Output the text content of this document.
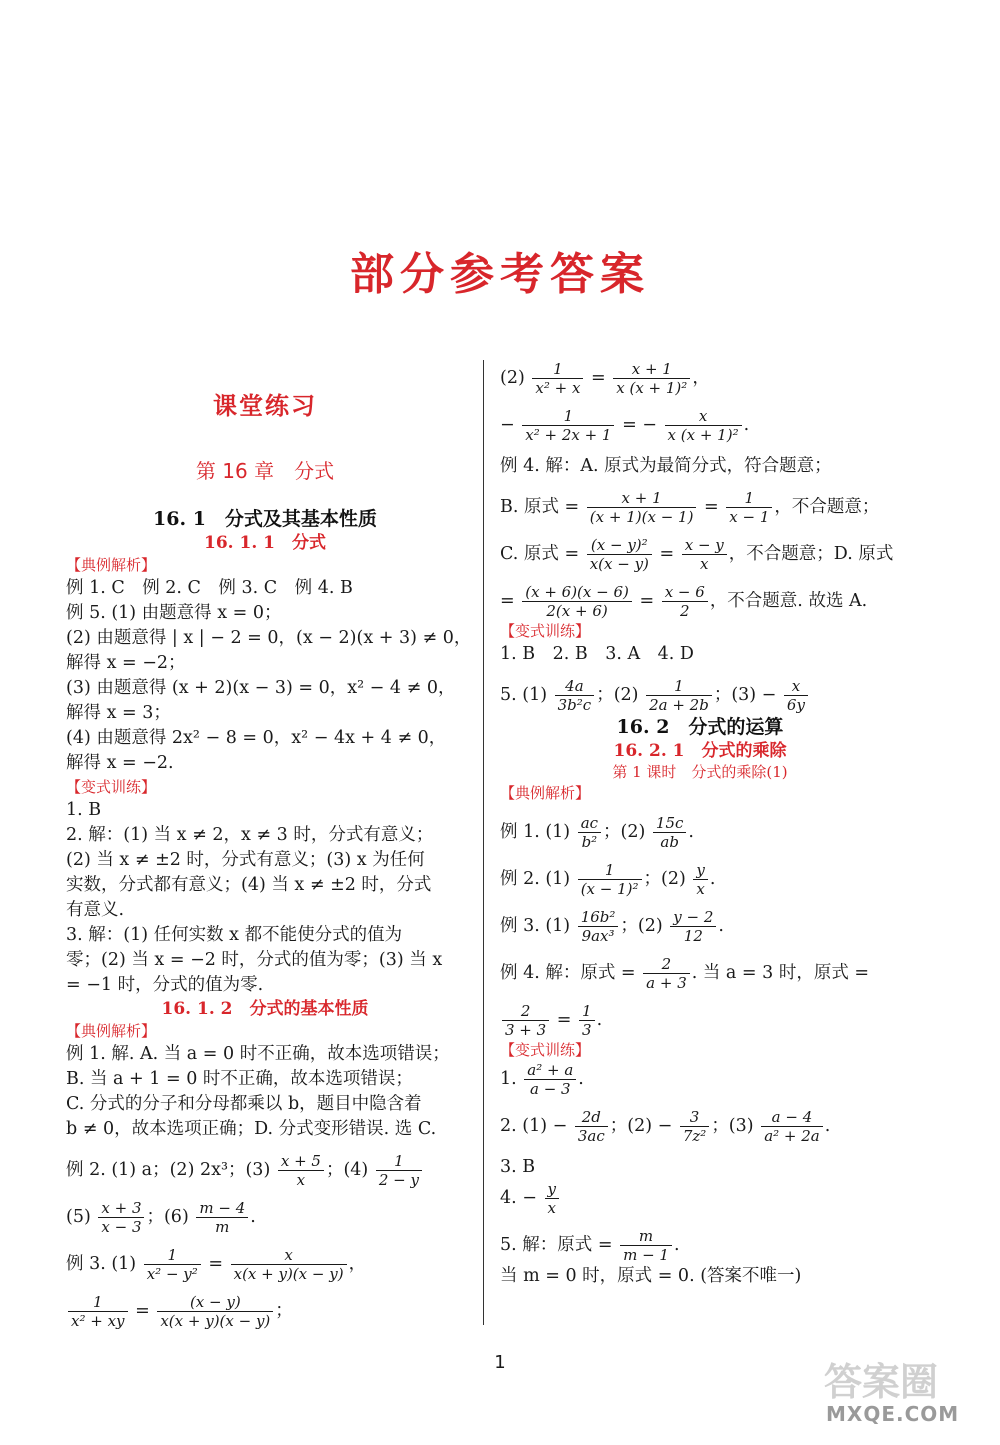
部分参考答案
课堂练习
第 16 章　分式
16. 1　分式及其基本性质
16. 1. 1　分式
【典例解析】

例 1. C　例 2. C　例 3. C　例 4. B

例 5. (1) 由题意得 x = 0；

(2) 由题意得 | x | − 2 = 0，(x − 2)(x + 3) ≠ 0，

解得 x = −2；

(3) 由题意得 (x + 2)(x − 3) = 0，x² − 4 ≠ 0，

解得 x = 3；

(4) 由题意得 2x² − 8 = 0，x² − 4x + 4 ≠ 0，

解得 x = −2.

【变式训练】

1. B

2. 解：(1) 当 x ≠ 2，x ≠ 3 时，分式有意义；

(2) 当 x ≠ ±2 时，分式有意义；(3) x 为任何

实数，分式都有意义；(4) 当 x ≠ ±2 时，分式

有意义.

3. 解：(1) 任何实数 x 都不能使分式的值为

零；(2) 当 x = −2 时，分式的值为零；(3) 当 x

= −1 时，分式的值为零.

16. 1. 2　分式的基本性质
【典例解析】

例 1. 解. A. 当 a = 0 时不正确，故本选项错误；

B. 当 a + 1 = 0 时不正确，故本选项错误；

C. 分式的分子和分母都乘以 b，题目中隐含着

b ≠ 0，故本选项正确；D. 分式变形错误. 选 C.

例 2. (1) a；(2) 2x³；$(3) \frac{x + 5}{x}$ ；$(4) \frac{1}{2 - y}$

$(5) \frac{x + 3}{x - 3}$ ；$(6) \frac{m - 4}{m}$ .

例 3. $(1) \frac{1}{\text{x² − y²}} = \frac{x}{x(x + y)(x - y)}$ ，

$\frac{1}{\text{x² + xy}} = \frac{(x - y)}{x(x + y)(x - y)}$ ；

$(2) \frac{1}{\text{x² + x}} = \frac{x + 1}{\text{x (x + 1)²}}$ ，

− $\frac{1}{\text{x² + 2x + 1}}$ = − $\frac{x}{\text{x (x + 1)²}}$ .

例 4. 解：A. 原式为最简分式，符合题意；

B. 原式 = $\frac{x + 1}{(x + 1)(x - 1)} = \frac{1}{x - 1}$ ，不合题意；

C. 原式 = $\frac{\text{(x − y)²}}{x(x - y)} = \frac{x - y}{x}$ ，不合题意；D. 原式

= $\frac{(x + 6)(x - 6)}{2(x + 6)} = \frac{x - 6}{2}$ ，不合题意. 故选 A.

【变式训练】

1. B　2. B　3. A　4. D

5. $(1) \frac{4a}{\text{3b²c}}$ ；$(2) \frac{1}{2a + 2b}$ ；$(3) - \frac{x}{6y}$

16. 2　分式的运算
16. 2. 1　分式的乘除
第 1 课时　分式的乘除(1)
【典例解析】

例 1. $(1) \frac{ac}{\text{b²}}$ ；$(2) \frac{15c}{ab}$ .

例 2. $(1) \frac{1}{\text{(x − 1)²}}$ ；$(2) \frac{y}{x}$ .

例 3. $(1) \frac{\text{16b²}}{\text{9ax³}}$ ；$(2) \frac{y - 2}{12}$ .

例 4. 解：原式 = $\frac{2}{a + 3}$ . 当 a = 3 时，原式 =

$\frac{2}{3 + 3} = \frac{1}{3}$ .

【变式训练】

1. $\frac{\text{a² + a}}{a - 3}$ .

2. $(1) - \frac{2d}{3ac}$ ；$(2) - \frac{3}{\text{7z²}}$ ；$(3) \frac{a - 4}{\text{a² + 2a}}$ .

3. B

4. − $\frac{y}{x}$

5. 解：原式 = $\frac{m}{m - 1}$ .

当 m = 0 时，原式 = 0. (答案不唯一)

1	答案圈
MXQE.COM
